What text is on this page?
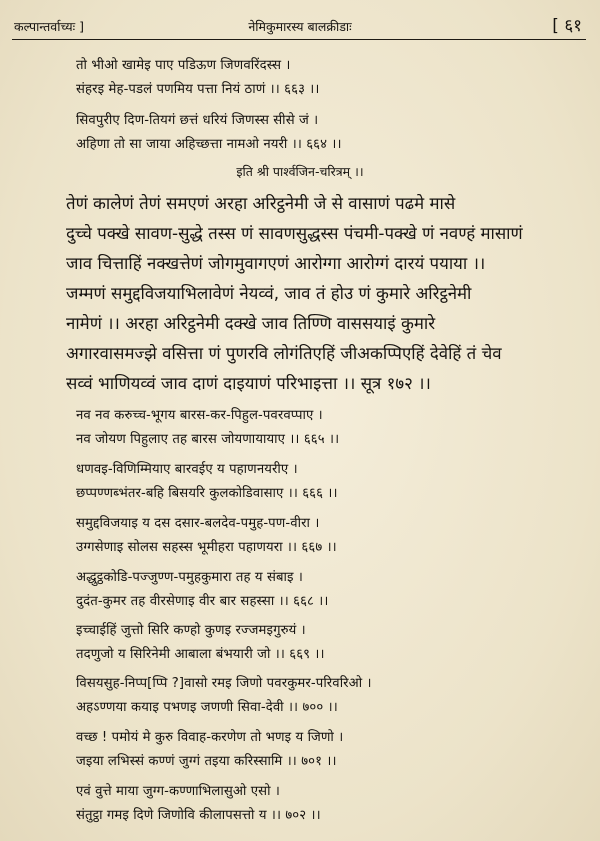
कल्पान्तर्वाच्यः ]	नेमिकुमारस्य बालक्रीडाः	[ ६१
तो भीओ खामेइ पाए पडिऊण जिणवरिंदस्स ।
संहरइ मेह-पडलं पणमिय पत्ता नियं ठाणं ।। ६६३ ।।
सिवपुरीए दिण-तियगं छत्तं धरियं जिणस्स सीसे जं ।
अहिणा तो सा जाया अहिच्छत्ता नामओ नयरी ।। ६६४ ।।
इति श्री पार्श्वजिन-चरित्रम् ।।
तेणं कालेणं तेणं समएणं अरहा अरिट्ठनेमी जे से वासाणं पढमे मासे
दुच्चे पक्खे सावण-सुद्धे तस्स णं सावणसुद्धस्स पंचमी-पक्खे णं नवण्हं मासाणं
जाव चित्ताहिं नक्खत्तेणं जोगमुवागएणं आरोग्गा आरोग्गं दारयं पयाया ।।
जम्मणं समुद्दविजयाभिलावेणं नेयव्वं, जाव तं होउ णं कुमारे अरिट्ठनेमी
नामेणं ।। अरहा अरिट्ठनेमी दक्खे जाव तिण्णि वाससयाइं कुमारे
अगारवासमज्झे वसित्ता णं पुणरवि लोगंतिएहिं जीअकप्पिएहिं देवेहिं तं चेव
सव्वं भाणियव्वं जाव दाणं दाइयाणं परिभाइत्ता ।। सूत्र १७२ ।।
नव नव करुच्च-भूगय बारस-कर-पिहुल-पवरवप्पाए ।
नव जोयण पिहुलाए तह बारस जोयणायायाए ।। ६६५ ।।
धणवइ-विणिम्मियाए बारवईए य पहाणनयरीए ।
छप्पण्णब्भंतर-बहि बिसयरि कुलकोडिवासाए ।। ६६६ ।।
समुद्दविजयाइ य दस दसार-बलदेव-पमुह-पण-वीरा ।
उग्गसेणाइ सोलस सहस्स भूमीहरा पहाणयरा ।। ६६७ ।।
अद्धुट्ठकोडि-पज्जुण्ण-पमुहकुमारा तह य संबाइ ।
दुदंत-कुमर तह वीरसेणाइ वीर बार सहस्सा ।। ६६८ ।।
इच्चाईहिं जुत्तो सिरि कण्हो कुणइ रज्जमइगुरुयं ।
तदणुजो य सिरिनेमी आबाला बंभयारी जो ।। ६६९ ।।
विसयसुह-निप्प[प्पि ?]वासो रमइ जिणो पवरकुमर-परिवरिओ ।
अहऽण्णया कयाइ पभणइ जणणी सिवा-देवी ।। ७०० ।।
वच्छ ! पमोयं मे कुरु विवाह-करणेण तो भणइ य जिणो ।
जइया लभिस्सं कण्णं जुग्गं तइया करिस्सामि ।। ७०१ ।।
एवं वुत्ते माया जुग्ग-कण्णाभिलासुओ एसो ।
संतुट्ठा गमइ दिणे जिणोवि कीलापसत्तो य ।। ७०२ ।।
